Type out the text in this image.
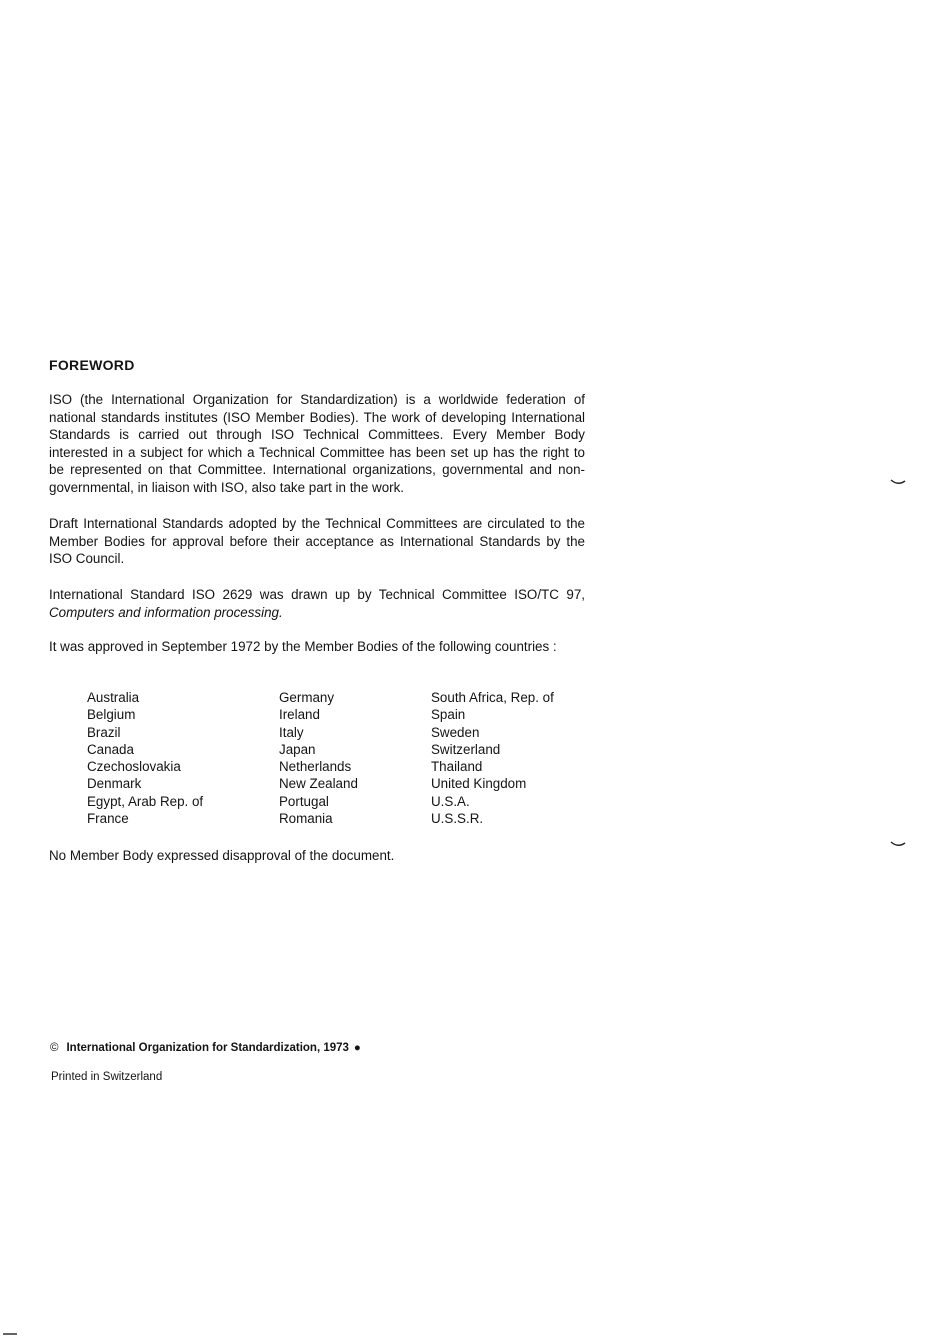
FOREWORD

ISO (the International Organization for Standardization) is a worldwide federation of national standards institutes (ISO Member Bodies). The work of developing International Standards is carried out through ISO Technical Committees. Every Member Body interested in a subject for which a Technical Committee has been set up has the right to be represented on that Committee. International organizations, governmental and non-governmental, in liaison with ISO, also take part in the work.

Draft International Standards adopted by the Technical Committees are circulated to the Member Bodies for approval before their acceptance as International Standards by the ISO Council.

International Standard ISO 2629 was drawn up by Technical Committee ISO/TC 97, Computers and information processing.

It was approved in September 1972 by the Member Bodies of the following countries :

Australia
Belgium
Brazil
Canada
Czechoslovakia
Denmark
Egypt, Arab Rep. of
France
Germany
Ireland
Italy
Japan
Netherlands
New Zealand
Portugal
Romania
South Africa, Rep. of
Spain
Sweden
Switzerland
Thailand
United Kingdom
U.S.A.
U.S.S.R.

No Member Body expressed disapproval of the document.

© International Organization for Standardization, 1973 ●
Printed in Switzerland
